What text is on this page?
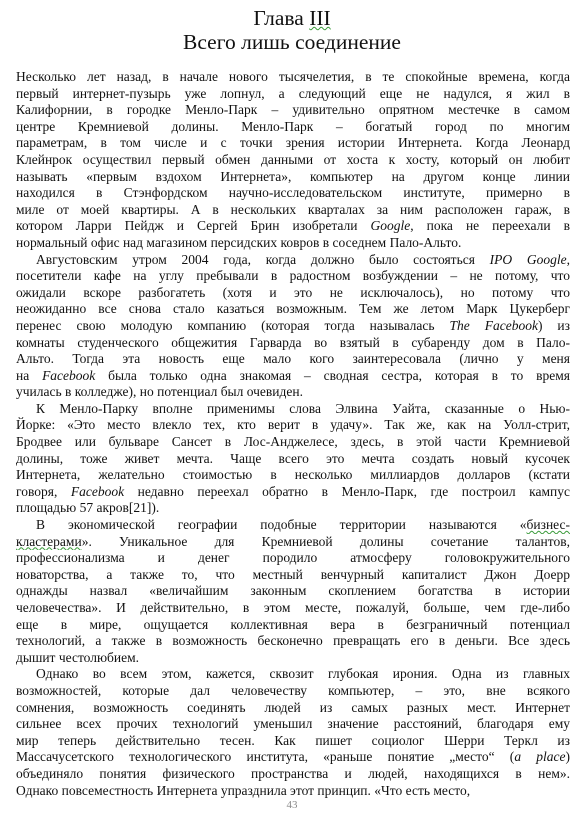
Глава III
Всего лишь соединение
Несколько лет назад, в начале нового тысячелетия, в те спокойные времена, когда
первый интернет-пузырь уже лопнул, а следующий еще не надулся, я жил в
Калифорнии, в городке Менло-Парк – удивительно опрятном местечке в самом
центре Кремниевой долины. Менло-Парк – богатый город по многим
параметрам, в том числе и с точки зрения истории Интернета. Когда Леонард
Клейнрок осуществил первый обмен данными от хоста к хосту, который он любит
называть «первым вздохом Интернета», компьютер на другом конце линии
находился в Стэнфордском научно-исследовательском институте, примерно в
миле от моей квартиры. А в нескольких кварталах за ним расположен гараж, в
котором Ларри Пейдж и Сергей Брин изобретали Google, пока не переехали в
нормальный офис над магазином персидских ковров в соседнем Пало-Альто.
Августовским утром 2004 года, когда должно было состояться IPO Google,
посетители кафе на углу пребывали в радостном возбуждении – не потому, что
ожидали вскоре разбогатеть (хотя и это не исключалось), но потому что
неожиданно все снова стало казаться возможным. Тем же летом Марк Цукерберг
перенес свою молодую компанию (которая тогда называлась The Facebook) из
комнаты студенческого общежития Гарварда во взятый в субаренду дом в Пало-
Альто. Тогда эта новость еще мало кого заинтересовала (лично у меня
на Facebook была только одна знакомая – сводная сестра, которая в то время
училась в колледже), но потенциал был очевиден.
К Менло-Парку вполне применимы слова Элвина Уайта, сказанные о Нью-
Йорке: «Это место влекло тех, кто верит в удачу». Так же, как на Уолл-стрит,
Бродвее или бульваре Сансет в Лос-Анджелесе, здесь, в этой части Кремниевой
долины, тоже живет мечта. Чаще всего это мечта создать новый кусочек
Интернета, желательно стоимостью в несколько миллиардов долларов (кстати
говоря, Facebook недавно переехал обратно в Менло-Парк, где построил кампус
площадью 57 акров[21]).
В экономической географии подобные территории называются «бизнес-
кластерами». Уникальное для Кремниевой долины сочетание талантов,
профессионализма и денег породило атмосферу головокружительного
новаторства, а также то, что местный венчурный капиталист Джон Доерр
однажды назвал «величайшим законным скоплением богатства в истории
человечества». И действительно, в этом месте, пожалуй, больше, чем где-либо
еще в мире, ощущается коллективная вера в безграничный потенциал
технологий, а также в возможность бесконечно превращать его в деньги. Все здесь
дышит честолюбием.
Однако во всем этом, кажется, сквозит глубокая ирония. Одна из главных
возможностей, которые дал человечеству компьютер, – это, вне всякого
сомнения, возможность соединять людей из самых разных мест. Интернет
сильнее всех прочих технологий уменьшил значение расстояний, благодаря ему
мир теперь действительно тесен. Как пишет социолог Шерри Теркл из
Массачусетского технологического института, «раньше понятие „место“ (a place)
объединяло понятия физического пространства и людей, находящихся в нем».
Однако повсеместность Интернета упразднила этот принцип. «Что есть место,
43
